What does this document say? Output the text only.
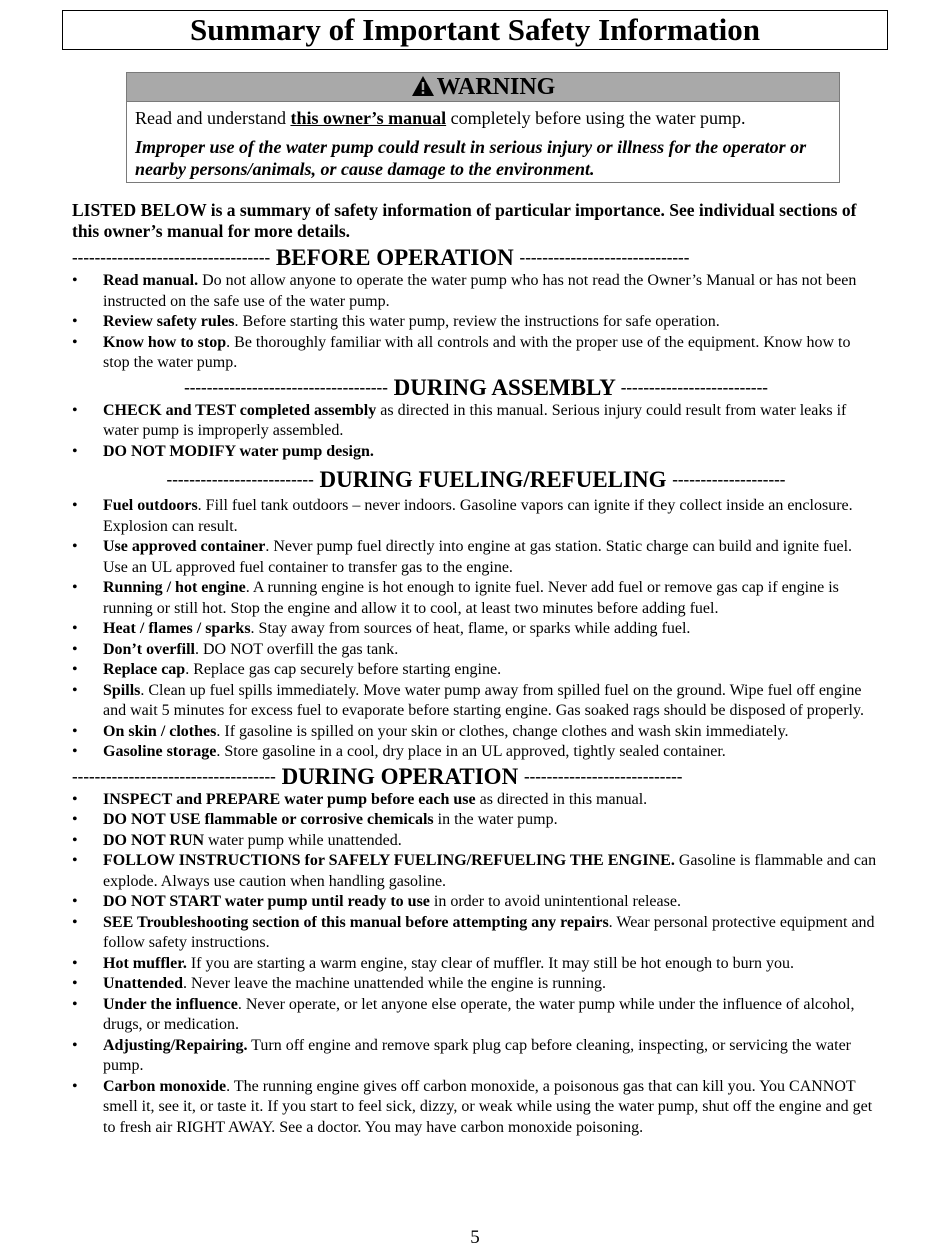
Summary of Important Safety Information
WARNING
Read and understand this owner’s manual completely before using the water pump.
Improper use of the water pump could result in serious injury or illness for the operator or nearby persons/animals, or cause damage to the environment.
LISTED BELOW is a summary of safety information of particular importance. See individual sections of this owner’s manual for more details.
----------------------------------- BEFORE OPERATION ------------------------------
• Read manual. Do not allow anyone to operate the water pump who has not read the Owner’s Manual or has not been instructed on the safe use of the water pump.
• Review safety rules. Before starting this water pump, review the instructions for safe operation.
• Know how to stop. Be thoroughly familiar with all controls and with the proper use of the equipment. Know how to stop the water pump.
------------------------------------ DURING ASSEMBLY --------------------------
• CHECK and TEST completed assembly as directed in this manual. Serious injury could result from water leaks if water pump is improperly assembled.
• DO NOT MODIFY water pump design.
-------------------------- DURING FUELING/REFUELING --------------------
• Fuel outdoors. Fill fuel tank outdoors – never indoors. Gasoline vapors can ignite if they collect inside an enclosure. Explosion can result.
• Use approved container. Never pump fuel directly into engine at gas station. Static charge can build and ignite fuel. Use an UL approved fuel container to transfer gas to the engine.
• Running / hot engine. A running engine is hot enough to ignite fuel. Never add fuel or remove gas cap if engine is running or still hot. Stop the engine and allow it to cool, at least two minutes before adding fuel.
• Heat / flames / sparks. Stay away from sources of heat, flame, or sparks while adding fuel.
• Don’t overfill. DO NOT overfill the gas tank.
• Replace cap. Replace gas cap securely before starting engine.
• Spills. Clean up fuel spills immediately. Move water pump away from spilled fuel on the ground. Wipe fuel off engine and wait 5 minutes for excess fuel to evaporate before starting engine. Gas soaked rags should be disposed of properly.
• On skin / clothes. If gasoline is spilled on your skin or clothes, change clothes and wash skin immediately.
• Gasoline storage. Store gasoline in a cool, dry place in an UL approved, tightly sealed container.
------------------------------------ DURING OPERATION ----------------------------
• INSPECT and PREPARE water pump before each use as directed in this manual.
• DO NOT USE flammable or corrosive chemicals in the water pump.
• DO NOT RUN water pump while unattended.
• FOLLOW INSTRUCTIONS for SAFELY FUELING/REFUELING THE ENGINE. Gasoline is flammable and can explode. Always use caution when handling gasoline.
• DO NOT START water pump until ready to use in order to avoid unintentional release.
• SEE Troubleshooting section of this manual before attempting any repairs. Wear personal protective equipment and follow safety instructions.
• Hot muffler. If you are starting a warm engine, stay clear of muffler. It may still be hot enough to burn you.
• Unattended. Never leave the machine unattended while the engine is running.
• Under the influence. Never operate, or let anyone else operate, the water pump while under the influence of alcohol, drugs, or medication.
• Adjusting/Repairing. Turn off engine and remove spark plug cap before cleaning, inspecting, or servicing the water pump.
• Carbon monoxide. The running engine gives off carbon monoxide, a poisonous gas that can kill you. You CANNOT smell it, see it, or taste it. If you start to feel sick, dizzy, or weak while using the water pump, shut off the engine and get to fresh air RIGHT AWAY. See a doctor. You may have carbon monoxide poisoning.
5
